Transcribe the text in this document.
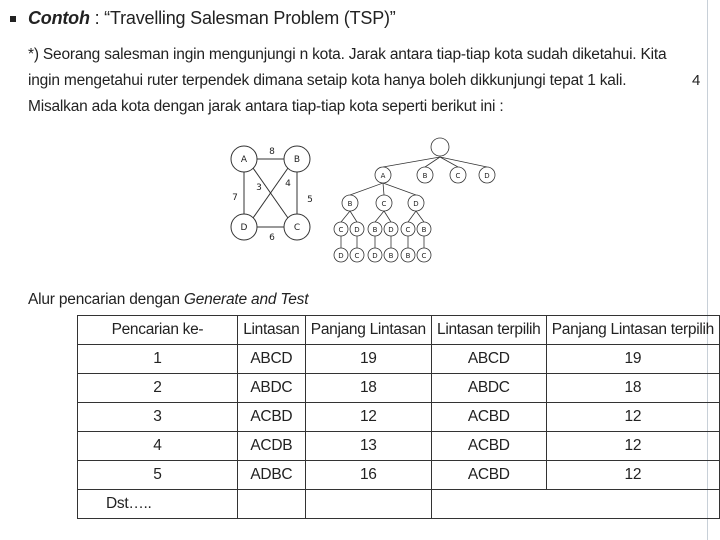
Contoh : “Travelling Salesman Problem (TSP)”
*) Seorang salesman ingin mengunjungi n kota. Jarak antara tiap-tiap kota sudah diketahui. Kita ingin mengetahui ruter terpendek dimana setaip kota hanya boleh dikkunjungi tepat 1 kali. Misalkan ada kota dengan jarak antara tiap-tiap kota seperti berikut ini :
4
A	B
D	C
8
5
6
7
3	4
A	B	C	D
B	C	D
C D B D C B
D C D B B C
Alur pencarian dengan Generate and Test
Pencarian ke-	Lintasan	Panjang Lintasan	Lintasan terpilih	Panjang Lintasan terpilih
1	ABCD	19	ABCD	19
2	ABDC	18	ABDC	18
3	ACBD	12	ACBD	12
4	ACDB	13	ACBD	12
5	ADBC	16	ACBD	12
Dst…..				
